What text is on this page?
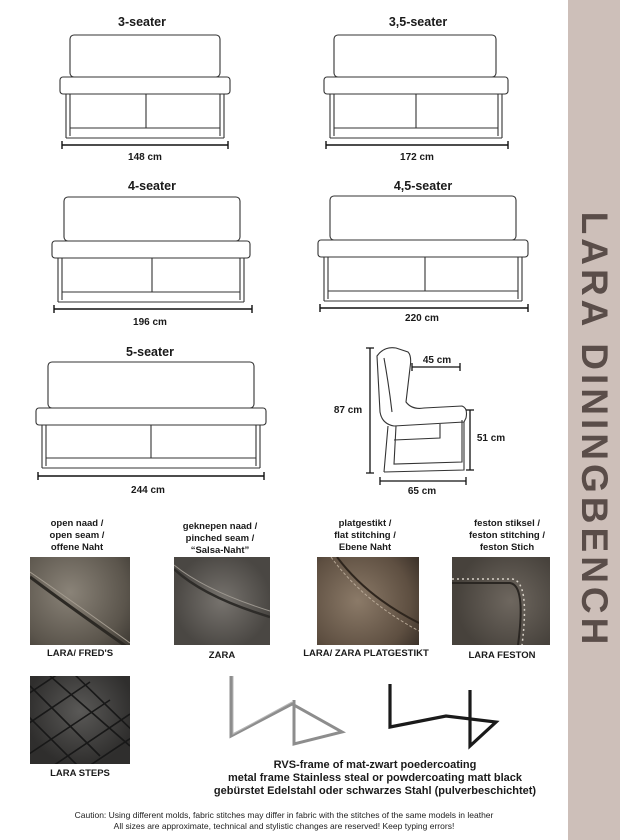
LARA DININGBENCH
3-seater	3,5-seater
4-seater	4,5-seater
5-seater
148 cm	172 cm
196 cm	220 cm
244 cm
45 cm
87 cm
51 cm
65 cm
open naad /
open seam /
offene Naht
geknepen naad /
pinched seam /
“Salsa-Naht”
platgestikt /
flat stitching /
Ebene Naht
feston stiksel /
feston stitching /
feston Stich
LARA/ FRED'S	ZARA	LARA/ ZARA PLATGESTIKT	LARA FESTON
LARA STEPS
RVS-frame of mat-zwart poedercoating
metal frame Stainless steal or powdercoating matt black
gebürstet Edelstahl oder schwarzes Stahl (pulverbeschichtet)
Caution: Using different molds, fabric stitches may differ in fabric with the stitches of the same models in leather
All sizes are approximate, technical and stylistic changes are reserved! Keep typing errors!
